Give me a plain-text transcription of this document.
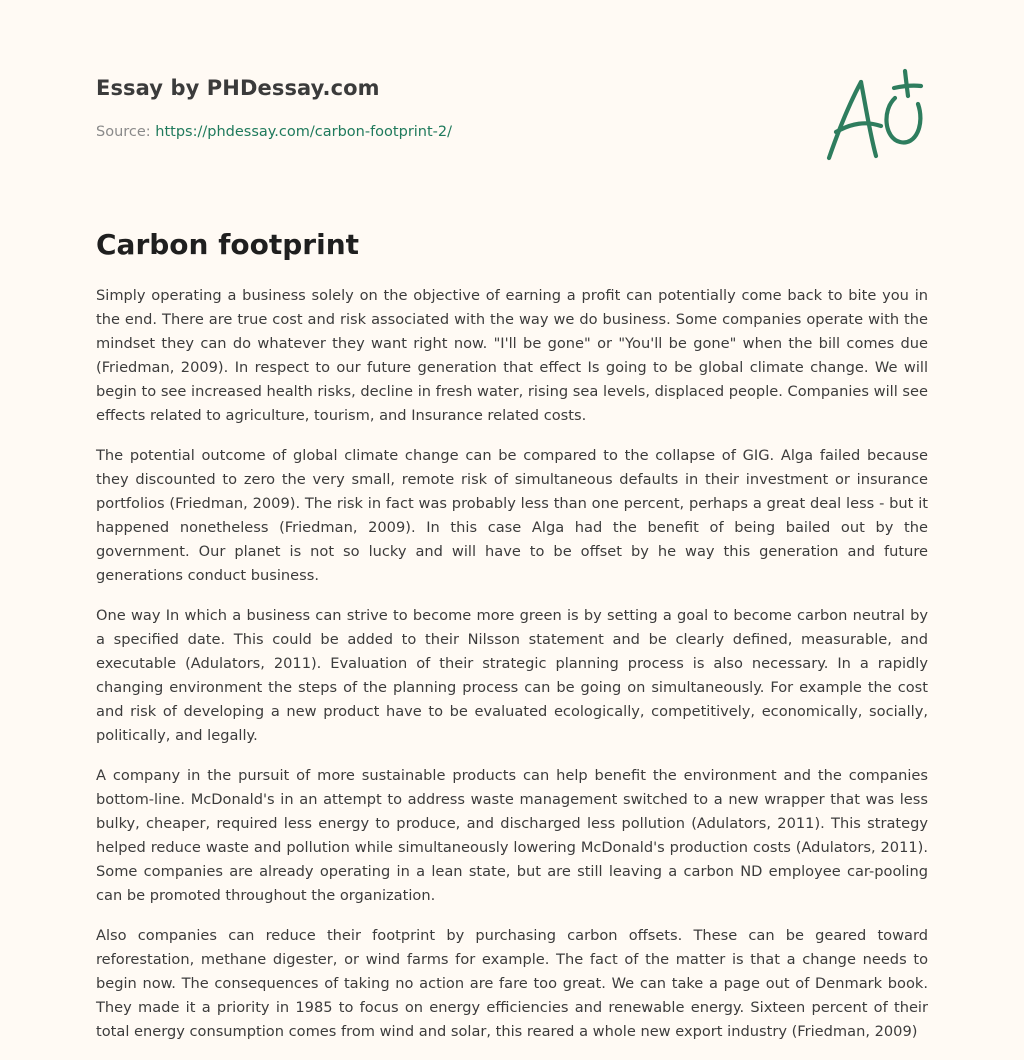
Essay by PHDessay.com

Source: https://phdessay.com/carbon-footprint-2/

Carbon footprint

Simply operating a business solely on the objective of earning a profit can potentially come back to bite you in the end. There are true cost and risk associated with the way we do business. Some companies operate with the mindset they can do whatever they want right now. "I'll be gone" or "You'll be gone" when the bill comes due (Friedman, 2009). In respect to our future generation that effect Is going to be global climate change. We will begin to see increased health risks, decline in fresh water, rising sea levels, displaced people. Companies will see effects related to agriculture, tourism, and Insurance related costs.

The potential outcome of global climate change can be compared to the collapse of GIG. Alga failed because they discounted to zero the very small, remote risk of simultaneous defaults in their investment or insurance portfolios (Friedman, 2009). The risk in fact was probably less than one percent, perhaps a great deal less - but it happened nonetheless (Friedman, 2009). In this case Alga had the benefit of being bailed out by the government. Our planet is not so lucky and will have to be offset by he way this generation and future generations conduct business.

One way In which a business can strive to become more green is by setting a goal to become carbon neutral by a specified date. This could be added to their Nilsson statement and be clearly defined, measurable, and executable (Adulators, 2011). Evaluation of their strategic planning process is also necessary. In a rapidly changing environment the steps of the planning process can be going on simultaneously. For example the cost and risk of developing a new product have to be evaluated ecologically, competitively, economically, socially, politically, and legally.

A company in the pursuit of more sustainable products can help benefit the environment and the companies bottom-line. McDonald's in an attempt to address waste management switched to a new wrapper that was less bulky, cheaper, required less energy to produce, and discharged less pollution (Adulators, 2011). This strategy helped reduce waste and pollution while simultaneously lowering McDonald's production costs (Adulators, 2011). Some companies are already operating in a lean state, but are still leaving a carbon ND employee car-pooling can be promoted throughout the organization.

Also companies can reduce their footprint by purchasing carbon offsets. These can be geared toward reforestation, methane digester, or wind farms for example. The fact of the matter is that a change needs to begin now. The consequences of taking no action are fare too great. We can take a page out of Denmark book. They made it a priority in 1985 to focus on energy efficiencies and renewable energy. Sixteen percent of their total energy consumption comes from wind and solar, this reared a whole new export industry (Friedman, 2009)
